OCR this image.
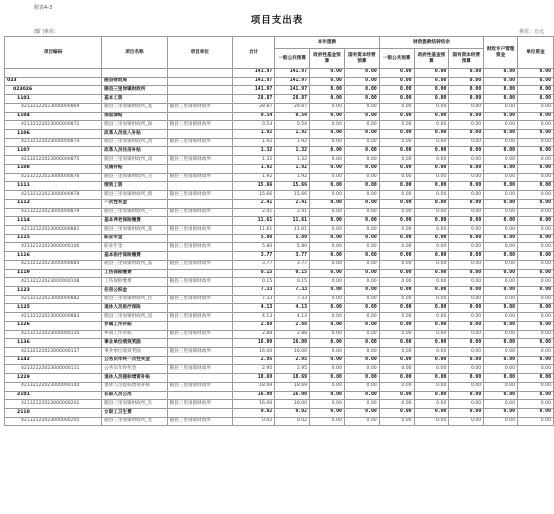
附表4-3
项目支出表
部门单位：	单位：万元
项目编码	项目名称	项目单位	合计	本年拨款			财政拨款结转结余			财政专户管理资金	单位资金
				一般公共预算	政府性基金预算	国有资本经营预算	一般公共预算	政府性基金预算	国有资本经营预算		
			141.97	141.97	0.00	0.00	0.00	0.00	0.00	0.00	0.00
023	随县财政局		141.97	141.97	0.00	0.00	0.00	0.00	0.00	0.00	0.00
023026	随县三里岗镇财政所		141.97	141.97	0.00	0.00	0.00	0.00	0.00	0.00	0.00
1101	基本工资		28.87	28.87	0.00	0.00	0.00	0.00	0.00	0.00	0.00
42132122023000000869	随县三里岗镇财政所_基	随县三里岗镇财政所	28.87	28.87	0.00	0.00	0.00	0.00	0.00	0.00	0.00
1104	保留津贴		0.54	0.54	0.00	0.00	0.00	0.00	0.00	0.00	0.00
42132122023000000872	随县三里岗镇财政所_保	随县三里岗镇财政所	0.54	0.54	0.00	0.00	0.00	0.00	0.00	0.00	0.00
1106	改革人员收入补贴		1.92	1.92	0.00	0.00	0.00	0.00	0.00	0.00	0.00
42132122023000000874	随县三里岗镇财政所_改	随县三里岗镇财政所	1.92	1.92	0.00	0.00	0.00	0.00	0.00	0.00	0.00
1107	改革人员住房补贴		1.32	1.32	0.00	0.00	0.00	0.00	0.00	0.00	0.00
42132122023000000875	随县三里岗镇财政所_改	随县三里岗镇财政所	1.32	1.32	0.00	0.00	0.00	0.00	0.00	0.00	0.00
1108	交通补贴		1.92	1.92	0.00	0.00	0.00	0.00	0.00	0.00	0.00
42132122023000000876	随县三里岗镇财政所_交	随县三里岗镇财政所	1.92	1.92	0.00	0.00	0.00	0.00	0.00	0.00	0.00
1111	绩效工资		15.66	15.66	0.00	0.00	0.00	0.00	0.00	0.00	0.00
42132122023000000878	随县三里岗镇财政所_绩	随县三里岗镇财政所	15.66	15.66	0.00	0.00	0.00	0.00	0.00	0.00	0.00
1112	一次性奖金		2.41	2.41	0.00	0.00	0.00	0.00	0.00	0.00	0.00
42132122023000000879	随县三里岗镇财政所_一	随县三里岗镇财政所	2.41	2.41	0.00	0.00	0.00	0.00	0.00	0.00	0.00
1114	基本养老保险缴费		11.61	11.61	0.00	0.00	0.00	0.00	0.00	0.00	0.00
42132122023000000881	随县三里岗镇财政所_基	随县三里岗镇财政所	11.61	11.61	0.00	0.00	0.00	0.00	0.00	0.00	0.00
1115	职业年金		5.80	5.80	0.00	0.00	0.00	0.00	0.00	0.00	0.00
42132122023000000106	职业年金	随县三里岗镇财政所	5.80	5.80	0.00	0.00	0.00	0.00	0.00	0.00	0.00
1116	基本医疗保险缴费		3.77	3.77	0.00	0.00	0.00	0.00	0.00	0.00	0.00
42132122023000000884	随县三里岗镇财政所_基	随县三里岗镇财政所	3.77	3.77	0.00	0.00	0.00	0.00	0.00	0.00	0.00
1119	工伤保险缴费		0.15	0.15	0.00	0.00	0.00	0.00	0.00	0.00	0.00
42132122023000000108	工伤保险缴费	随县三里岗镇财政所	0.15	0.15	0.00	0.00	0.00	0.00	0.00	0.00	0.00
1123	住房公积金		7.33	7.33	0.00	0.00	0.00	0.00	0.00	0.00	0.00
42132122023000000882	随县三里岗镇财政所_住	随县三里岗镇财政所	7.33	7.33	0.00	0.00	0.00	0.00	0.00	0.00	0.00
1125	退休人员医疗保险		4.13	4.13	0.00	0.00	0.00	0.00	0.00	0.00	0.00
42132122023000000883	随县三里岗镇财政所_退	随县三里岗镇财政所	4.13	4.13	0.00	0.00	0.00	0.00	0.00	0.00	0.00
1126	乡镇工作补贴		2.88	2.88	0.00	0.00	0.00	0.00	0.00	0.00	0.00
42132122023000000135	乡镇工作补贴	随县三里岗镇财政所	2.88	2.88	0.00	0.00	0.00	0.00	0.00	0.00	0.00
1136	事业单位绩效奖励		16.00	16.00	0.00	0.00	0.00	0.00	0.00	0.00	0.00
42132122023000000137	事业单位绩效奖励	随县三里岗镇财政所	16.00	16.00	0.00	0.00	0.00	0.00	0.00	0.00	0.00
1142	公务员年终一次性奖金		2.95	2.95	0.00	0.00	0.00	0.00	0.00	0.00	0.00
42132122023000000111	公务员年终奖金	随县三里岗镇财政所	2.95	2.95	0.00	0.00	0.00	0.00	0.00	0.00	0.00
1229	退休人员提标增资补贴		18.69	18.69	0.00	0.00	0.00	0.00	0.00	0.00	0.00
42132122023000000144	退休人员提标增资补贴	随县三里岗镇财政所	18.69	18.69	0.00	0.00	0.00	0.00	0.00	0.00	0.00
2101	在职人员公用		16.00	16.00	0.00	0.00	0.00	0.00	0.00	0.00	0.00
42132122023000000202	随县三里岗镇财政所_在	随县三里岗镇财政所	16.00	16.00	0.00	0.00	0.00	0.00	0.00	0.00	0.00
2110	女职工卫生费		0.02	0.02	0.00	0.00	0.00	0.00	0.00	0.00	0.00
42132122023000000205	随县三里岗镇财政所_女	随县三里岗镇财政所	0.02	0.02	0.00	0.00	0.00	0.00	0.00	0.00	0.00
